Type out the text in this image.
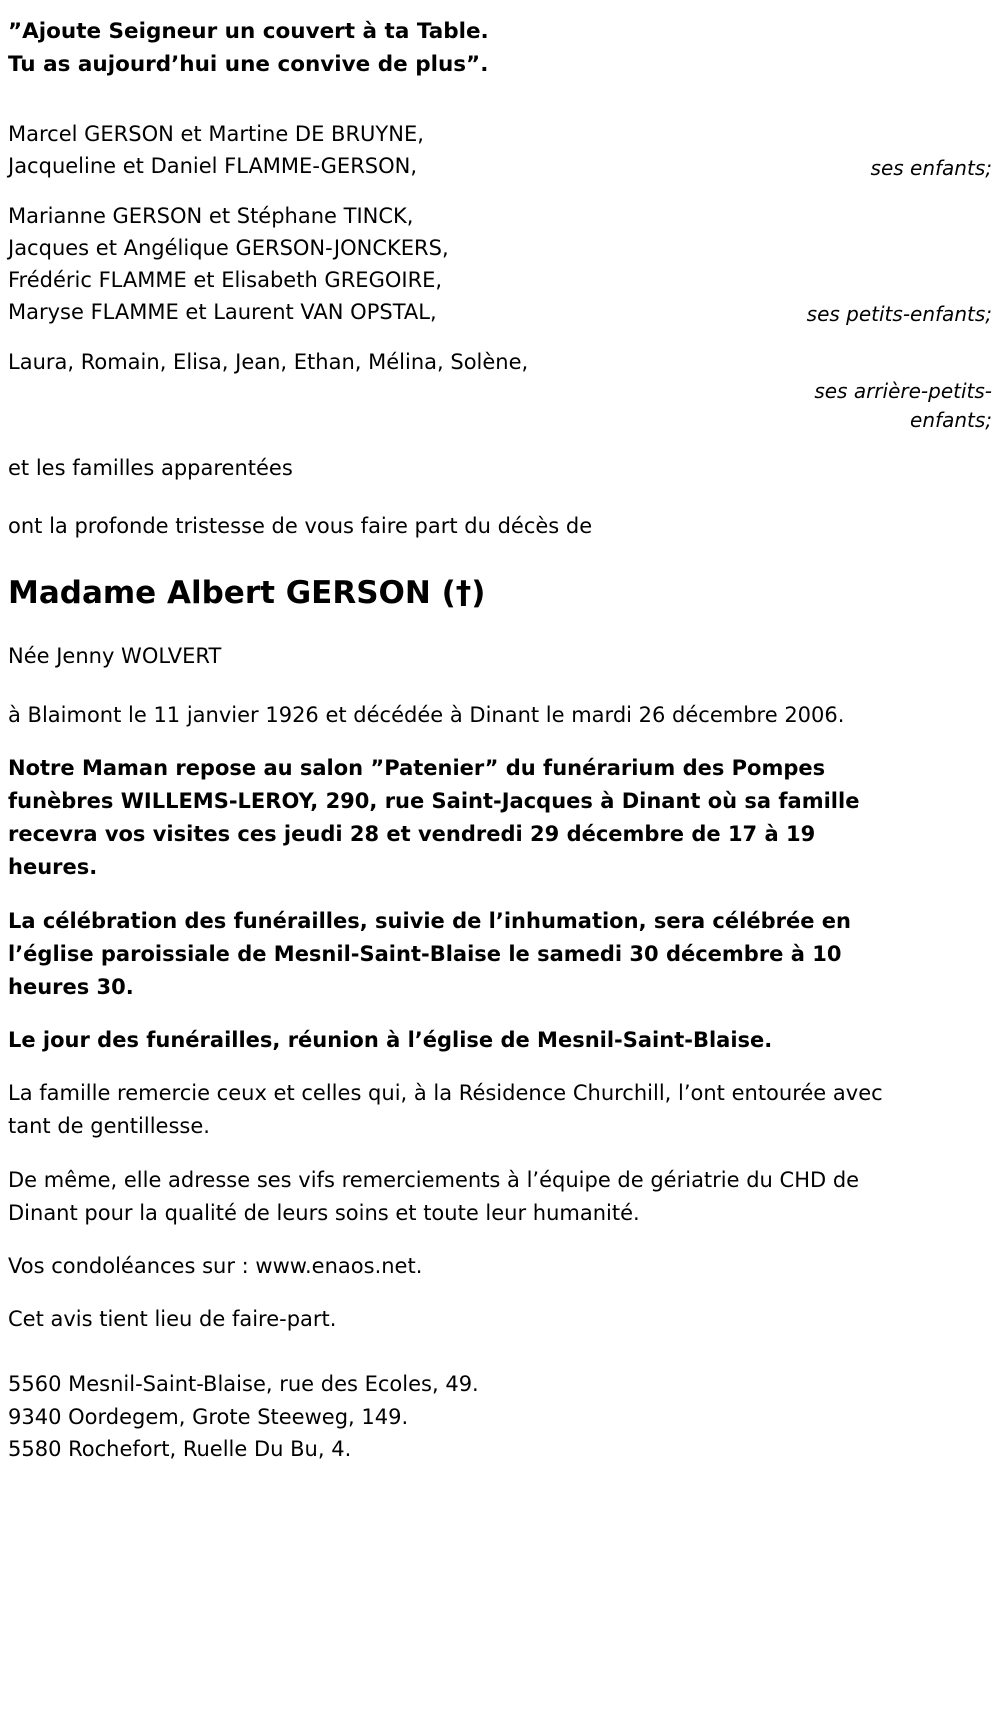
”Ajoute Seigneur un couvert à ta Table.
Tu as aujourd’hui une convive de plus”.
Marcel GERSON et Martine DE BRUYNE,
Jacqueline et Daniel FLAMME-GERSON,	ses enfants;
Marianne GERSON et Stéphane TINCK,
Jacques et Angélique GERSON-JONCKERS,
Frédéric FLAMME et Elisabeth GREGOIRE,
Maryse FLAMME et Laurent VAN OPSTAL,	ses petits-enfants;
Laura, Romain, Elisa, Jean, Ethan, Mélina, Solène,
ses arrière-petits-
enfants;
et les familles apparentées
ont la profonde tristesse de vous faire part du décès de
Madame Albert GERSON (†)
Née Jenny WOLVERT
à Blaimont le 11 janvier 1926 et décédée à Dinant le mardi 26 décembre 2006.
Notre Maman repose au salon ”Patenier” du funérarium des Pompes funèbres WILLEMS-LEROY, 290, rue Saint-Jacques à Dinant où sa famille recevra vos visites ces jeudi 28 et vendredi 29 décembre de 17 à 19 heures.
La célébration des funérailles, suivie de l’inhumation, sera célébrée en l’église paroissiale de Mesnil-Saint-Blaise le samedi 30 décembre à 10 heures 30.
Le jour des funérailles, réunion à l’église de Mesnil-Saint-Blaise.
La famille remercie ceux et celles qui, à la Résidence Churchill, l’ont entourée avec tant de gentillesse.
De même, elle adresse ses vifs remerciements à l’équipe de gériatrie du CHD de Dinant pour la qualité de leurs soins et toute leur humanité.
Vos condoléances sur : www.enaos.net.
Cet avis tient lieu de faire-part.
5560 Mesnil-Saint-Blaise, rue des Ecoles, 49.
9340 Oordegem, Grote Steeweg, 149.
5580 Rochefort, Ruelle Du Bu, 4.
